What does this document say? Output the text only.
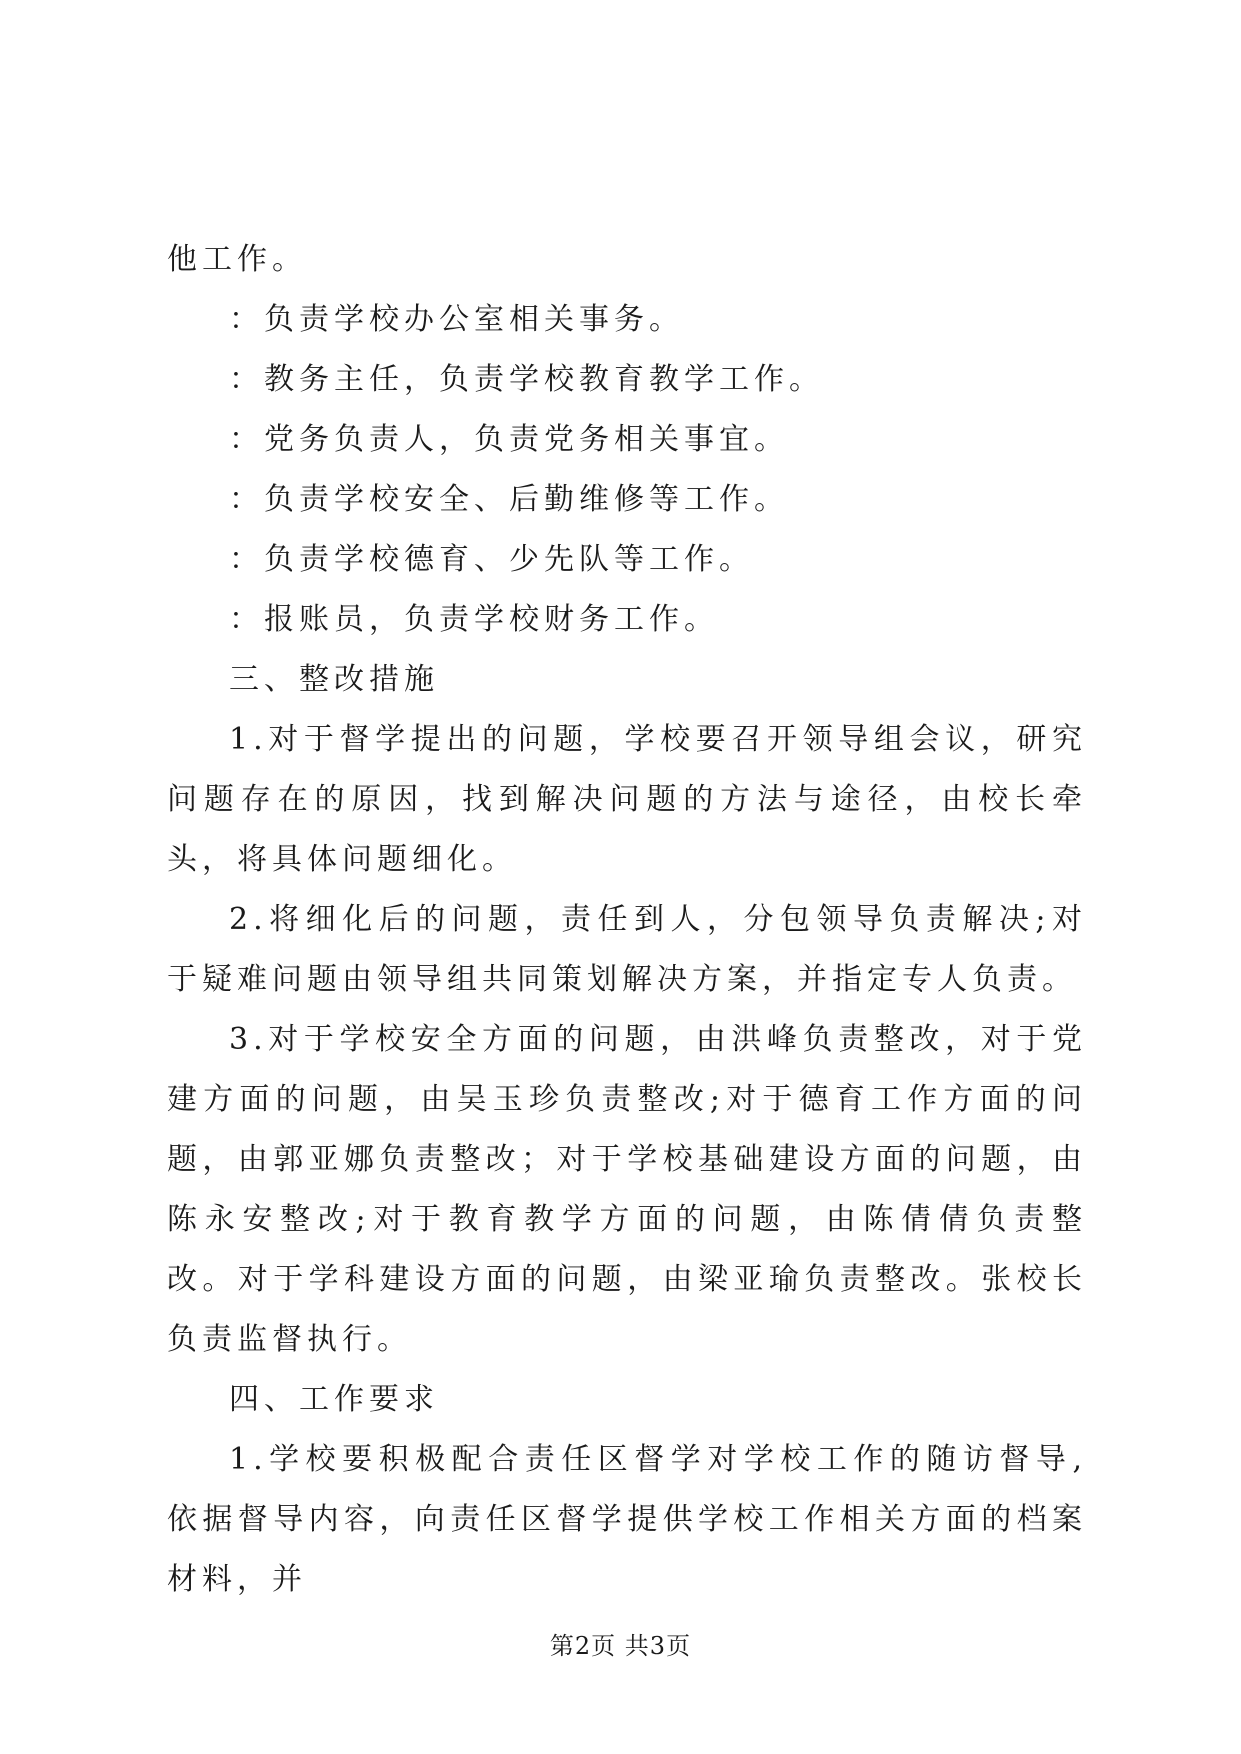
他工作。

：负责学校办公室相关事务。

：教务主任，负责学校教育教学工作。

：党务负责人，负责党务相关事宜。

：负责学校安全、后勤维修等工作。

：负责学校德育、少先队等工作。

：报账员，负责学校财务工作。

三、整改措施

1.对于督学提出的问题，学校要召开领导组会议，研究问题存在的原因，找到解决问题的方法与途径，由校长牵头，将具体问题细化。

2.将细化后的问题，责任到人，分包领导负责解决;对于疑难问题由领导组共同策划解决方案，并指定专人负责。

3.对于学校安全方面的问题，由洪峰负责整改，对于党建方面的问题，由吴玉珍负责整改;对于德育工作方面的问题，由郭亚娜负责整改；对于学校基础建设方面的问题，由陈永安整改;对于教育教学方面的问题，由陈倩倩负责整改。对于学科建设方面的问题，由梁亚瑜负责整改。张校长负责监督执行。

四、工作要求

1.学校要积极配合责任区督学对学校工作的随访督导,依据督导内容，向责任区督学提供学校工作相关方面的档案材料，并

第2页 共3页
